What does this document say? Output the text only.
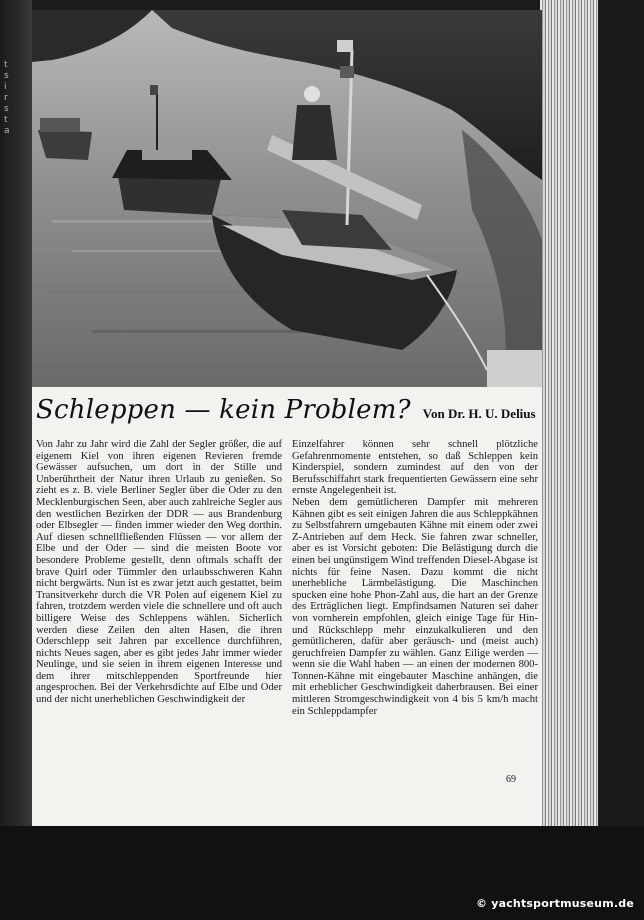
t
s
i
r
s
t
a
Schleppen — kein Problem? Von Dr. H. U. Delius

Von Jahr zu Jahr wird die Zahl der Segler größer, die auf eigenem Kiel von ihren eigenen Revieren fremde Gewässer aufsuchen, um dort in der Stille und Unberührtheit der Natur ihren Urlaub zu genießen. So zieht es z. B. viele Berliner Segler über die Oder zu den Mecklenburgischen Seen, aber auch zahlreiche Segler aus den westlichen Bezirken der DDR — aus Brandenburg oder Elbsegler — finden immer wieder den Weg dorthin. Auf diesen schnellfließenden Flüssen — vor allem der Elbe und der Oder — sind die meisten Boote vor besondere Probleme gestellt, denn oftmals schafft der brave Quirl oder Tümmler den urlaubsschweren Kahn nicht bergwärts. Nun ist es zwar jetzt auch gestattet, beim Transitverkehr durch die VR Polen auf eigenem Kiel zu fahren, trotzdem werden viele die schnellere und oft auch billigere Weise des Schleppens wählen. Sicherlich werden diese Zeilen den alten Hasen, die ihren Oderschlepp seit Jahren par excellence durchführen, nichts Neues sagen, aber es gibt jedes Jahr immer wieder Neulinge, und sie seien in ihrem eigenen Interesse und dem ihrer mitschleppenden Sportfreunde hier angesprochen. Bei der Verkehrsdichte auf Elbe und Oder und der nicht unerheblichen Geschwindigkeit der

Einzelfahrer können sehr schnell plötzliche Gefahrenmomente entstehen, so daß Schleppen kein Kinderspiel, sondern zumindest auf den von der Berufsschiffahrt stark frequentierten Gewässern eine sehr ernste Angelegenheit ist.

Neben dem gemütlicheren Dampfer mit mehreren Kähnen gibt es seit einigen Jahren die aus Schleppkähnen zu Selbstfahrern umgebauten Kähne mit einem oder zwei Z-Antrieben auf dem Heck. Sie fahren zwar schneller, aber es ist Vorsicht geboten: Die Belästigung durch die einen bei ungünstigem Wind treffenden Diesel-Abgase ist nichts für feine Nasen. Dazu kommt die nicht unerhebliche Lärmbelästigung. Die Maschinchen spucken eine hohe Phon-Zahl aus, die hart an der Grenze des Erträglichen liegt. Empfindsamen Naturen sei daher von vornherein empfohlen, gleich einige Tage für Hin- und Rückschlepp mehr einzukalkulieren und den gemütlicheren, dafür aber geräusch- und (meist auch) geruchfreien Dampfer zu wählen. Ganz Eilige werden — wenn sie die Wahl haben — an einen der modernen 800-Tonnen-Kähne mit eingebauter Maschine anhängen, die mit erheblicher Geschwindigkeit daherbrausen. Bei einer mittleren Stromgeschwindigkeit von 4 bis 5 km/h macht ein Schleppdampfer

69
© yachtsportmuseum.de
